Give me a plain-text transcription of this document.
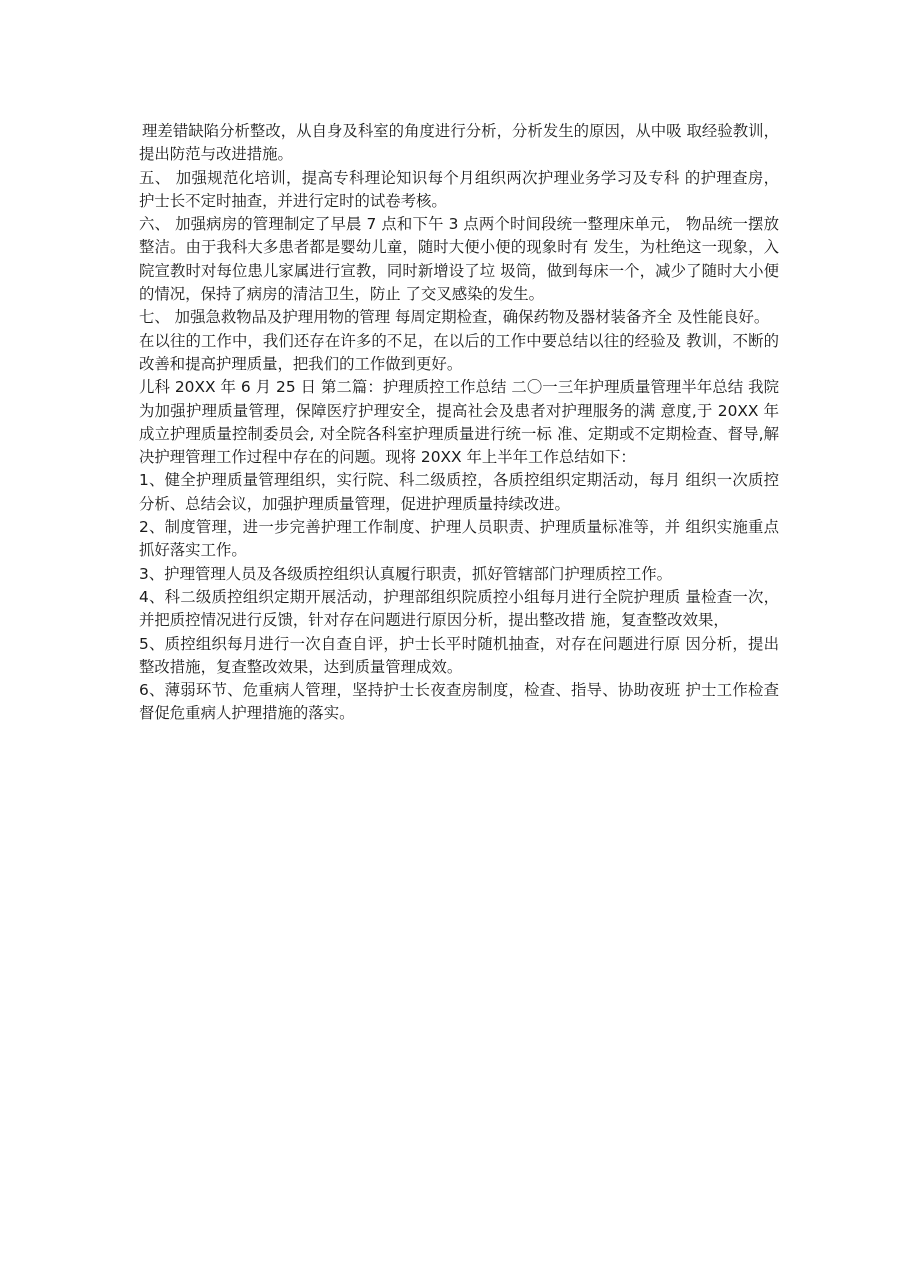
理差错缺陷分析整改，从自身及科室的角度进行分析，分析发生的原因，从中吸 取经验教训，提出防范与改进措施。

五、 加强规范化培训，提高专科理论知识每个月组织两次护理业务学习及专科 的护理查房，护士长不定时抽查，并进行定时的试卷考核。

六、 加强病房的管理制定了早晨 7 点和下午 3 点两个时间段统一整理床单元， 物品统一摆放整洁。由于我科大多患者都是婴幼儿童，随时大便小便的现象时有 发生，为杜绝这一现象，入院宣教时对每位患儿家属进行宣教，同时新增设了垃 圾筒，做到每床一个，减少了随时大小便的情况，保持了病房的清洁卫生，防止 了交叉感染的发生。

七、 加强急救物品及护理用物的管理 每周定期检查，确保药物及器材装备齐全 及性能良好。

在以往的工作中，我们还存在许多的不足，在以后的工作中要总结以往的经验及 教训，不断的改善和提高护理质量，把我们的工作做到更好。

儿科 20XX 年 6 月 25 日 第二篇：护理质控工作总结 二〇一三年护理质量管理半年总结 我院为加强护理质量管理，保障医疗护理安全，提高社会及患者对护理服务的满 意度,于 20XX 年成立护理质量控制委员会, 对全院各科室护理质量进行统一标 准、定期或不定期检查、督导,解决护理管理工作过程中存在的问题。现将 20XX 年上半年工作总结如下：

1、健全护理质量管理组织，实行院、科二级质控，各质控组织定期活动，每月 组织一次质控分析、总结会议，加强护理质量管理，促进护理质量持续改进。

2、制度管理，进一步完善护理工作制度、护理人员职责、护理质量标准等，并 组织实施重点抓好落实工作。

3、护理管理人员及各级质控组织认真履行职责，抓好管辖部门护理质控工作。

4、科二级质控组织定期开展活动，护理部组织院质控小组每月进行全院护理质 量检查一次，并把质控情况进行反馈，针对存在问题进行原因分析，提出整改措 施，复查整改效果，

5、质控组织每月进行一次自查自评，护士长平时随机抽查，对存在问题进行原 因分析，提出整改措施，复查整改效果，达到质量管理成效。

6、薄弱环节、危重病人管理，坚持护士长夜查房制度，检查、指导、协助夜班 护士工作检查督促危重病人护理措施的落实。
